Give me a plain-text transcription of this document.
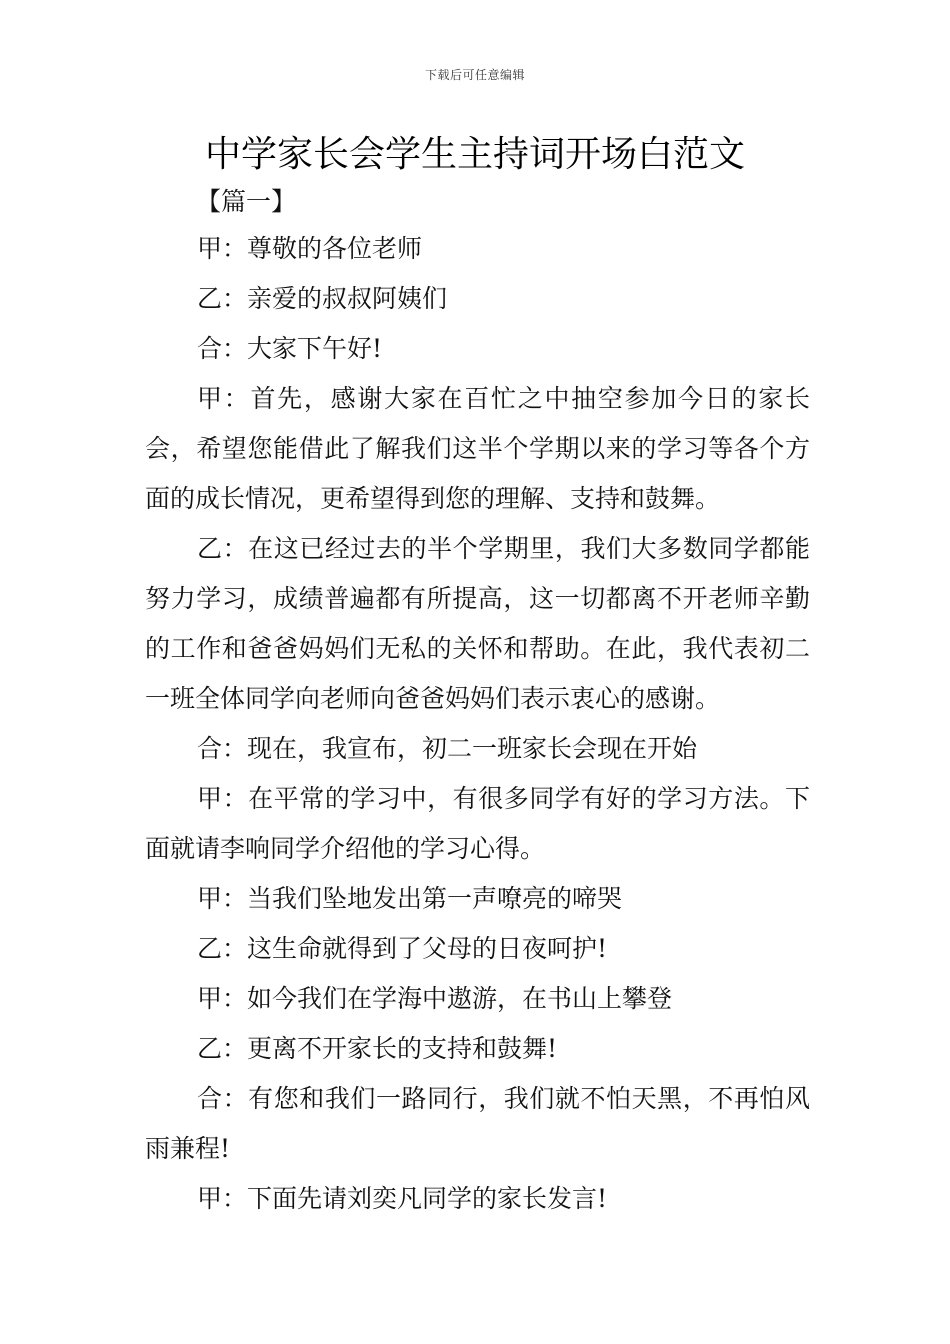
下载后可任意编辑
中学家长会学生主持词开场白范文
【篇一】

甲：尊敬的各位老师

乙：亲爱的叔叔阿姨们

合：大家下午好!

甲：首先，感谢大家在百忙之中抽空参加今日的家长会，希望您能借此了解我们这半个学期以来的学习等各个方面的成长情况，更希望得到您的理解、支持和鼓舞。

乙：在这已经过去的半个学期里，我们大多数同学都能努力学习，成绩普遍都有所提高，这一切都离不开老师辛勤的工作和爸爸妈妈们无私的关怀和帮助。在此，我代表初二一班全体同学向老师向爸爸妈妈们表示衷心的感谢。

合：现在，我宣布，初二一班家长会现在开始

甲：在平常的学习中，有很多同学有好的学习方法。下面就请李响同学介绍他的学习心得。

甲：当我们坠地发出第一声嘹亮的啼哭

乙：这生命就得到了父母的日夜呵护!

甲：如今我们在学海中遨游，在书山上攀登

乙：更离不开家长的支持和鼓舞!

合：有您和我们一路同行，我们就不怕天黑，不再怕风雨兼程!

甲：下面先请刘奕凡同学的家长发言!
